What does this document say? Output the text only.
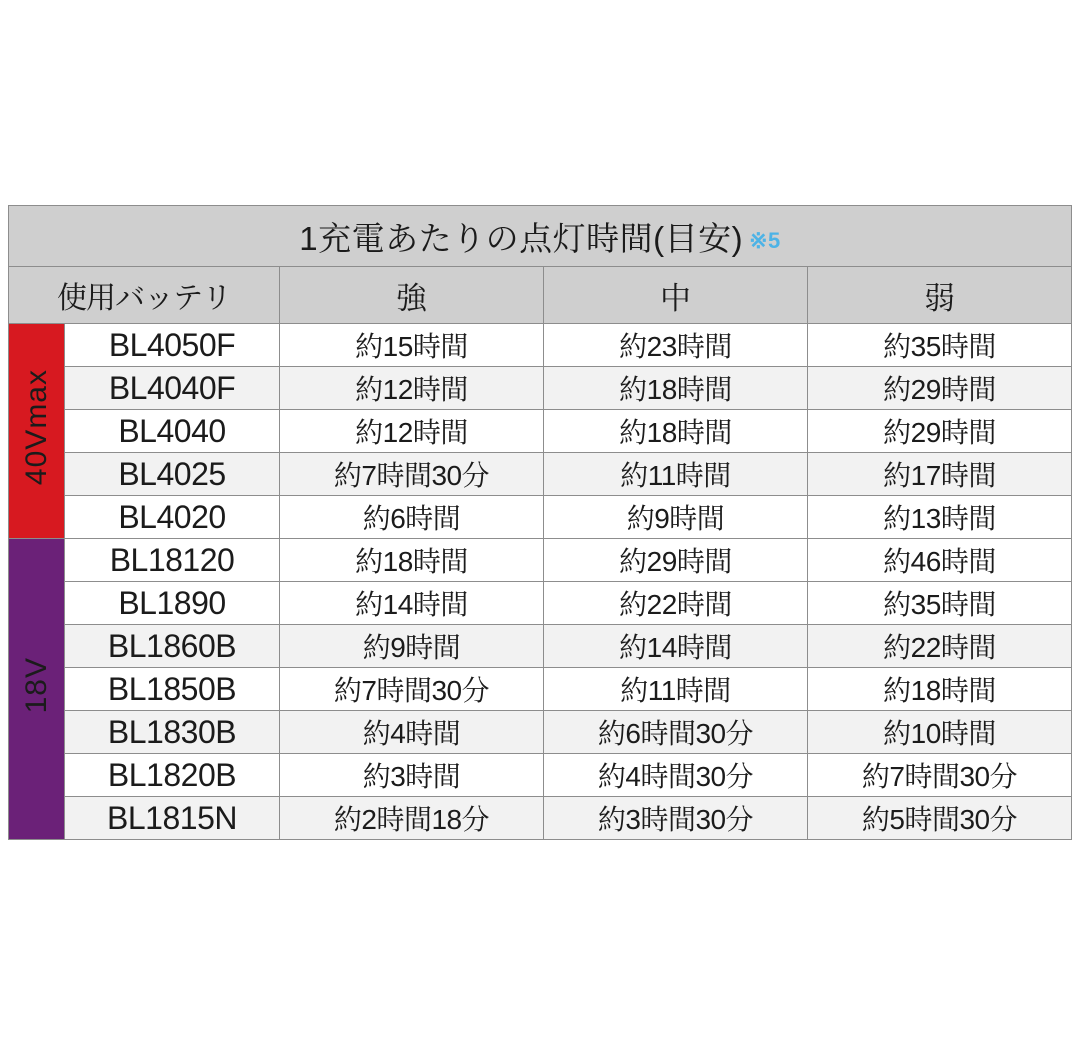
1充電あたりの点灯時間(目安) ※5				
使用バッテリ		強	中	弱
40Vmax	BL4050F	約15時間	約23時間	約35時間
	BL4040F	約12時間	約18時間	約29時間
	BL4040	約12時間	約18時間	約29時間
	BL4025	約7時間30分	約11時間	約17時間
	BL4020	約6時間	約9時間	約13時間
18V	BL18120	約18時間	約29時間	約46時間
	BL1890	約14時間	約22時間	約35時間
	BL1860B	約9時間	約14時間	約22時間
	BL1850B	約7時間30分	約11時間	約18時間
	BL1830B	約4時間	約6時間30分	約10時間
	BL1820B	約3時間	約4時間30分	約7時間30分
	BL1815N	約2時間18分	約3時間30分	約5時間30分
